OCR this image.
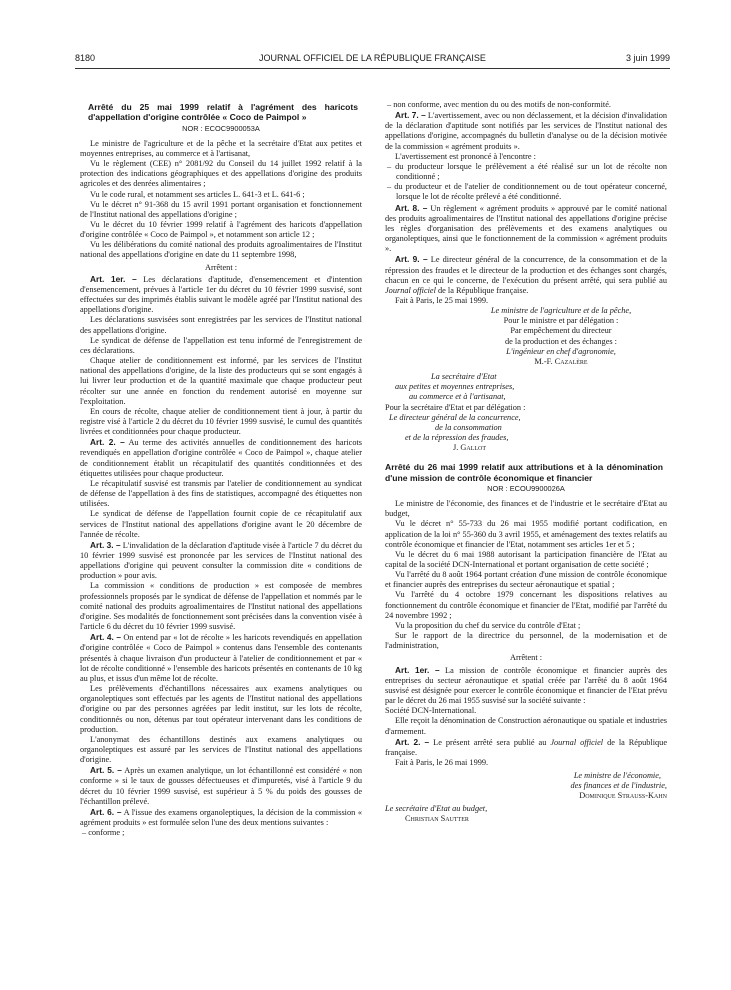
8180	JOURNAL OFFICIEL DE LA RÉPUBLIQUE FRANÇAISE	3 juin 1999

Arrêté du 25 mai 1999 relatif à l'agrément des haricots d'appellation d'origine contrôlée « Coco de Paimpol »

NOR : ECOC9900053A

Le ministre de l'agriculture et de la pêche et la secrétaire d'Etat aux petites et moyennes entreprises, au commerce et à l'artisanat,

Vu le règlement (CEE) n° 2081/92 du Conseil du 14 juillet 1992 relatif à la protection des indications géographiques et des appellations d'origine des produits agricoles et des denrées alimentaires ;

Vu le code rural, et notamment ses articles L. 641-3 et L. 641-6 ;

Vu le décret n° 91-368 du 15 avril 1991 portant organisation et fonctionnement de l'Institut national des appellations d'origine ;

Vu le décret du 10 février 1999 relatif à l'agrément des haricots d'appellation d'origine contrôlée « Coco de Paimpol », et notamment son article 12 ;

Vu les délibérations du comité national des produits agroalimentaires de l'Institut national des appellations d'origine en date du 11 septembre 1998,

Arrêtent :

Art. 1er. – Les déclarations d'aptitude, d'ensemencement et d'intention d'ensemencement, prévues à l'article 1er du décret du 10 février 1999 susvisé, sont effectuées sur des imprimés établis suivant le modèle agréé par l'Institut national des appellations d'origine.

Les déclarations susvisées sont enregistrées par les services de l'Institut national des appellations d'origine.

Le syndicat de défense de l'appellation est tenu informé de l'enregistrement de ces déclarations.

Chaque atelier de conditionnement est informé, par les services de l'Institut national des appellations d'origine, de la liste des producteurs qui se sont engagés à lui livrer leur production et de la quantité maximale que chaque producteur peut récolter sur une année en fonction du rendement autorisé en moyenne sur l'exploitation.

En cours de récolte, chaque atelier de conditionnement tient à jour, à partir du registre visé à l'article 2 du décret du 10 février 1999 susvisé, le cumul des quantités livrées et conditionnées pour chaque producteur.

Art. 2. – Au terme des activités annuelles de conditionnement des haricots revendiqués en appellation d'origine contrôlée « Coco de Paimpol », chaque atelier de conditionnement établit un récapitulatif des quantités conditionnées et des étiquettes utilisées pour chaque producteur.

Le récapitulatif susvisé est transmis par l'atelier de conditionnement au syndicat de défense de l'appellation à des fins de statistiques, accompagné des étiquettes non utilisées.

Le syndicat de défense de l'appellation fournit copie de ce récapitulatif aux services de l'Institut national des appellations d'origine avant le 20 décembre de l'année de récolte.

Art. 3. – L'invalidation de la déclaration d'aptitude visée à l'article 7 du décret du 10 février 1999 susvisé est prononcée par les services de l'Institut national des appellations d'origine qui peuvent consulter la commission dite « conditions de production » pour avis.

La commission « conditions de production » est composée de membres professionnels proposés par le syndicat de défense de l'appellation et nommés par le comité national des produits agroalimentaires de l'Institut national des appellations d'origine. Ses modalités de fonctionnement sont précisées dans la convention visée à l'article 6 du décret du 10 février 1999 susvisé.

Art. 4. – On entend par « lot de récolte » les haricots revendiqués en appellation d'origine contrôlée « Coco de Paimpol » contenus dans l'ensemble des contenants présentés à chaque livraison d'un producteur à l'atelier de conditionnement et par « lot de récolte conditionné » l'ensemble des haricots présentés en contenants de 10 kg au plus, et issus d'un même lot de récolte.

Les prélèvements d'échantillons nécessaires aux examens analytiques ou organoleptiques sont effectués par les agents de l'Institut national des appellations d'origine ou par des personnes agréées par ledit institut, sur les lots de récolte, conditionnés ou non, détenus par tout opérateur intervenant dans les conditions de production.

L'anonymat des échantillons destinés aux examens analytiques ou organoleptiques est assuré par les services de l'Institut national des appellations d'origine.

Art. 5. – Après un examen analytique, un lot échantillonné est considéré « non conforme » si le taux de gousses défectueuses et d'impuretés, visé à l'article 9 du décret du 10 février 1999 susvisé, est supérieur à 5 % du poids des gousses de l'échantillon prélevé.

Art. 6. – A l'issue des examens organoleptiques, la décision de la commission « agrément produits » est formulée selon l'une des deux mentions suivantes :

– conforme ;

– non conforme, avec mention du ou des motifs de non-conformité.

Art. 7. – L'avertissement, avec ou non déclassement, et la décision d'invalidation de la déclaration d'aptitude sont notifiés par les services de l'Institut national des appellations d'origine, accompagnés du bulletin d'analyse ou de la décision motivée de la commission « agrément produits ».

L'avertissement est prononcé à l'encontre :

– du producteur lorsque le prélèvement a été réalisé sur un lot de récolte non conditionné ;

– du producteur et de l'atelier de conditionnement ou de tout opérateur concerné, lorsque le lot de récolte prélevé a été conditionné.

Art. 8. – Un règlement « agrément produits » approuvé par le comité national des produits agroalimentaires de l'Institut national des appellations d'origine précise les règles d'organisation des prélèvements et des examens analytiques ou organoleptiques, ainsi que le fonctionnement de la commission « agrément produits ».

Art. 9. – Le directeur général de la concurrence, de la consommation et de la répression des fraudes et le directeur de la production et des échanges sont chargés, chacun en ce qui le concerne, de l'exécution du présent arrêté, qui sera publié au Journal officiel de la République française.

Fait à Paris, le 25 mai 1999.

Le ministre de l'agriculture et de la pêche,

Pour le ministre et par délégation :

Par empêchement du directeur

de la production et des échanges :

L'ingénieur en chef d'agronomie,

M.-F. Cazalère

La secrétaire d'Etat

aux petites et moyennes entreprises,

au commerce et à l'artisanat,

Pour la secrétaire d'Etat et par délégation :

Le directeur général de la concurrence,

de la consommation

et de la répression des fraudes,

J. Gallot

Arrêté du 26 mai 1999 relatif aux attributions et à la dénomination d'une mission de contrôle économique et financier

NOR : ECOU9900026A

Le ministre de l'économie, des finances et de l'industrie et le secrétaire d'Etat au budget,

Vu le décret n° 55-733 du 26 mai 1955 modifié portant codification, en application de la loi n° 55-360 du 3 avril 1955, et aménagement des textes relatifs au contrôle économique et financier de l'Etat, notamment ses articles 1er et 5 ;

Vu le décret du 6 mai 1988 autorisant la participation financière de l'Etat au capital de la société DCN-International et portant organisation de cette société ;

Vu l'arrêté du 8 août 1964 portant création d'une mission de contrôle économique et financier auprès des entreprises du secteur aéronautique et spatial ;

Vu l'arrêté du 4 octobre 1979 concernant les dispositions relatives au fonctionnement du contrôle économique et financier de l'Etat, modifié par l'arrêté du 24 novembre 1992 ;

Vu la proposition du chef du service du contrôle d'Etat ;

Sur le rapport de la directrice du personnel, de la modernisation et de l'administration,

Arrêtent :

Art. 1er. – La mission de contrôle économique et financier auprès des entreprises du secteur aéronautique et spatial créée par l'arrêté du 8 août 1964 susvisé est désignée pour exercer le contrôle économique et financier de l'Etat prévu par le décret du 26 mai 1955 susvisé sur la société suivante :

Société DCN-International.

Elle reçoit la dénomination de Construction aéronautique ou spatiale et industries d'armement.

Art. 2. – Le présent arrêté sera publié au Journal officiel de la République française.

Fait à Paris, le 26 mai 1999.

Le ministre de l'économie,

des finances et de l'industrie,

Dominique Strauss-Kahn

Le secrétaire d'Etat au budget,

Christian Sautter
